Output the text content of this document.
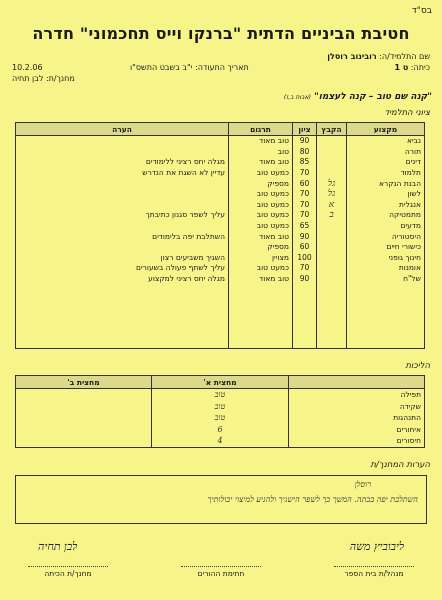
בס"ד
חטיבת הביניים הדתית "ברנקו וייס תחכמוני" חדרה
שם התלמיד/ה: רובינוב רוסלן
כיתה: ט 1
תאריך התעודה: י"ב בשבט התשס"ו
10.2.06
מחנך/ת: לבן תחיה
"קנה שם טוב – קנה לעצמו" (אבות ב,ז)
ציוני התלמיד
מקצוע	הקבץ	ציון	תרגום	הערה
נביא		90	טוב מאוד	
תורה		80	טוב	
דינים		85	טוב מאוד	מגלה יחס רציני ללימודים
תלמוד		70	כמעט טוב	עדיין לא השגת את הנדרש
הבנת הנקרא	גל	60	מספיק	
לשון	גל	70	כמעט טוב	
אנגלית	א	70	כמעט טוב	
מתמטיקה	ב	70	כמעט טוב	עליך לשפר סגנון כתיבתך
מדעים		65	כמעט טוב	
היסטוריה		90	טוב מאוד	השתלבת יפה בלימודים
כישורי חיים		60	מספיק	
חינוך גופני		100	מצויין	השגיך משביעים רצון
אומנות		70	כמעט טוב	עליך לשתף פעולה בשעורים
של"ח		90	טוב מאוד	מגלה יחס רציני למקצוע

הליכות
	מחצית א'	מחצית ב'
תפילה	טוב	
שקידה	טוב	
התנהגות	טוב	
איחורים	6	
חיסורים	4	
הערות המחנך/ת
רוסלן
השתלבת יפה בכתה. המשך כך לשפר הישגיך ולהגיע למיצוי יכולותיך
ליבוביץ משה
מנהל/ת בית הספר
חתימת ההורים
לבן תחיה
מחנך/ת הכיתה
